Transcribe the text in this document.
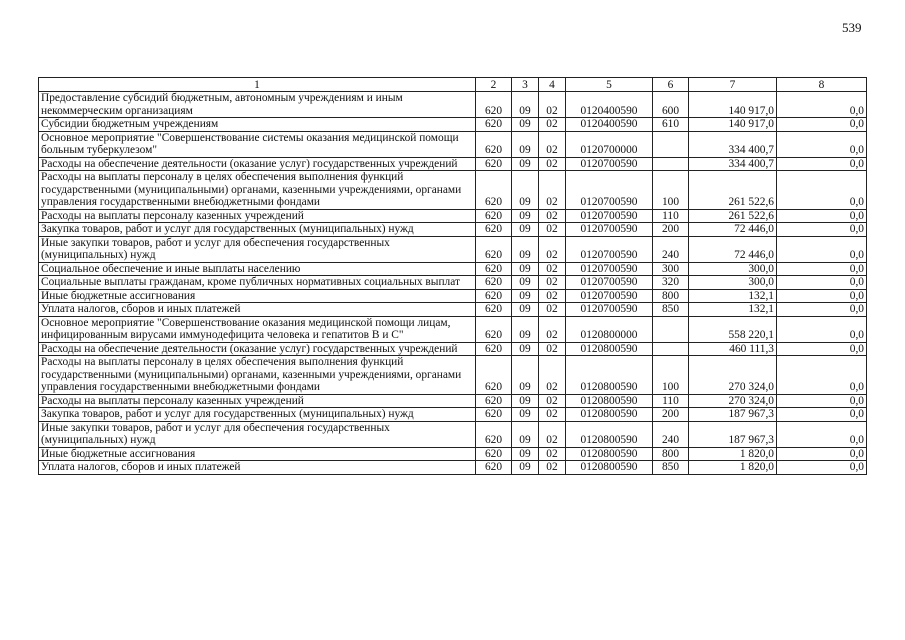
539
1	2	3	4	5	6	7	8
Предоставление субсидий бюджетным, автономным учреждениям и иным некоммерческим организациям	620	09	02	0120400590	600	140 917,0	0,0
Субсидии бюджетным учреждениям	620	09	02	0120400590	610	140 917,0	0,0
Основное мероприятие "Совершенствование системы оказания медицинской помощи больным туберкулезом"	620	09	02	0120700000		334 400,7	0,0
Расходы на обеспечение деятельности (оказание услуг) государственных учреждений	620	09	02	0120700590		334 400,7	0,0
Расходы на выплаты персоналу в целях обеспечения выполнения функций государственными (муниципальными) органами, казенными учреждениями, органами управления государственными внебюджетными фондами	620	09	02	0120700590	100	261 522,6	0,0
Расходы на выплаты персоналу казенных учреждений	620	09	02	0120700590	110	261 522,6	0,0
Закупка товаров, работ и услуг для государственных (муниципальных) нужд	620	09	02	0120700590	200	72 446,0	0,0
Иные закупки товаров, работ и услуг для обеспечения государственных (муниципальных) нужд	620	09	02	0120700590	240	72 446,0	0,0
Социальное обеспечение и иные выплаты населению	620	09	02	0120700590	300	300,0	0,0
Социальные выплаты гражданам, кроме публичных нормативных социальных выплат	620	09	02	0120700590	320	300,0	0,0
Иные бюджетные ассигнования	620	09	02	0120700590	800	132,1	0,0
Уплата налогов, сборов и иных платежей	620	09	02	0120700590	850	132,1	0,0
Основное мероприятие "Совершенствование оказания медицинской помощи лицам, инфицированным вирусами иммунодефицита человека и гепатитов В и С"	620	09	02	0120800000		558 220,1	0,0
Расходы на обеспечение деятельности (оказание услуг) государственных учреждений	620	09	02	0120800590		460 111,3	0,0
Расходы на выплаты персоналу в целях обеспечения выполнения функций государственными (муниципальными) органами, казенными учреждениями, органами управления государственными внебюджетными фондами	620	09	02	0120800590	100	270 324,0	0,0
Расходы на выплаты персоналу казенных учреждений	620	09	02	0120800590	110	270 324,0	0,0
Закупка товаров, работ и услуг для государственных (муниципальных) нужд	620	09	02	0120800590	200	187 967,3	0,0
Иные закупки товаров, работ и услуг для обеспечения государственных (муниципальных) нужд	620	09	02	0120800590	240	187 967,3	0,0
Иные бюджетные ассигнования	620	09	02	0120800590	800	1 820,0	0,0
Уплата налогов, сборов и иных платежей	620	09	02	0120800590	850	1 820,0	0,0
